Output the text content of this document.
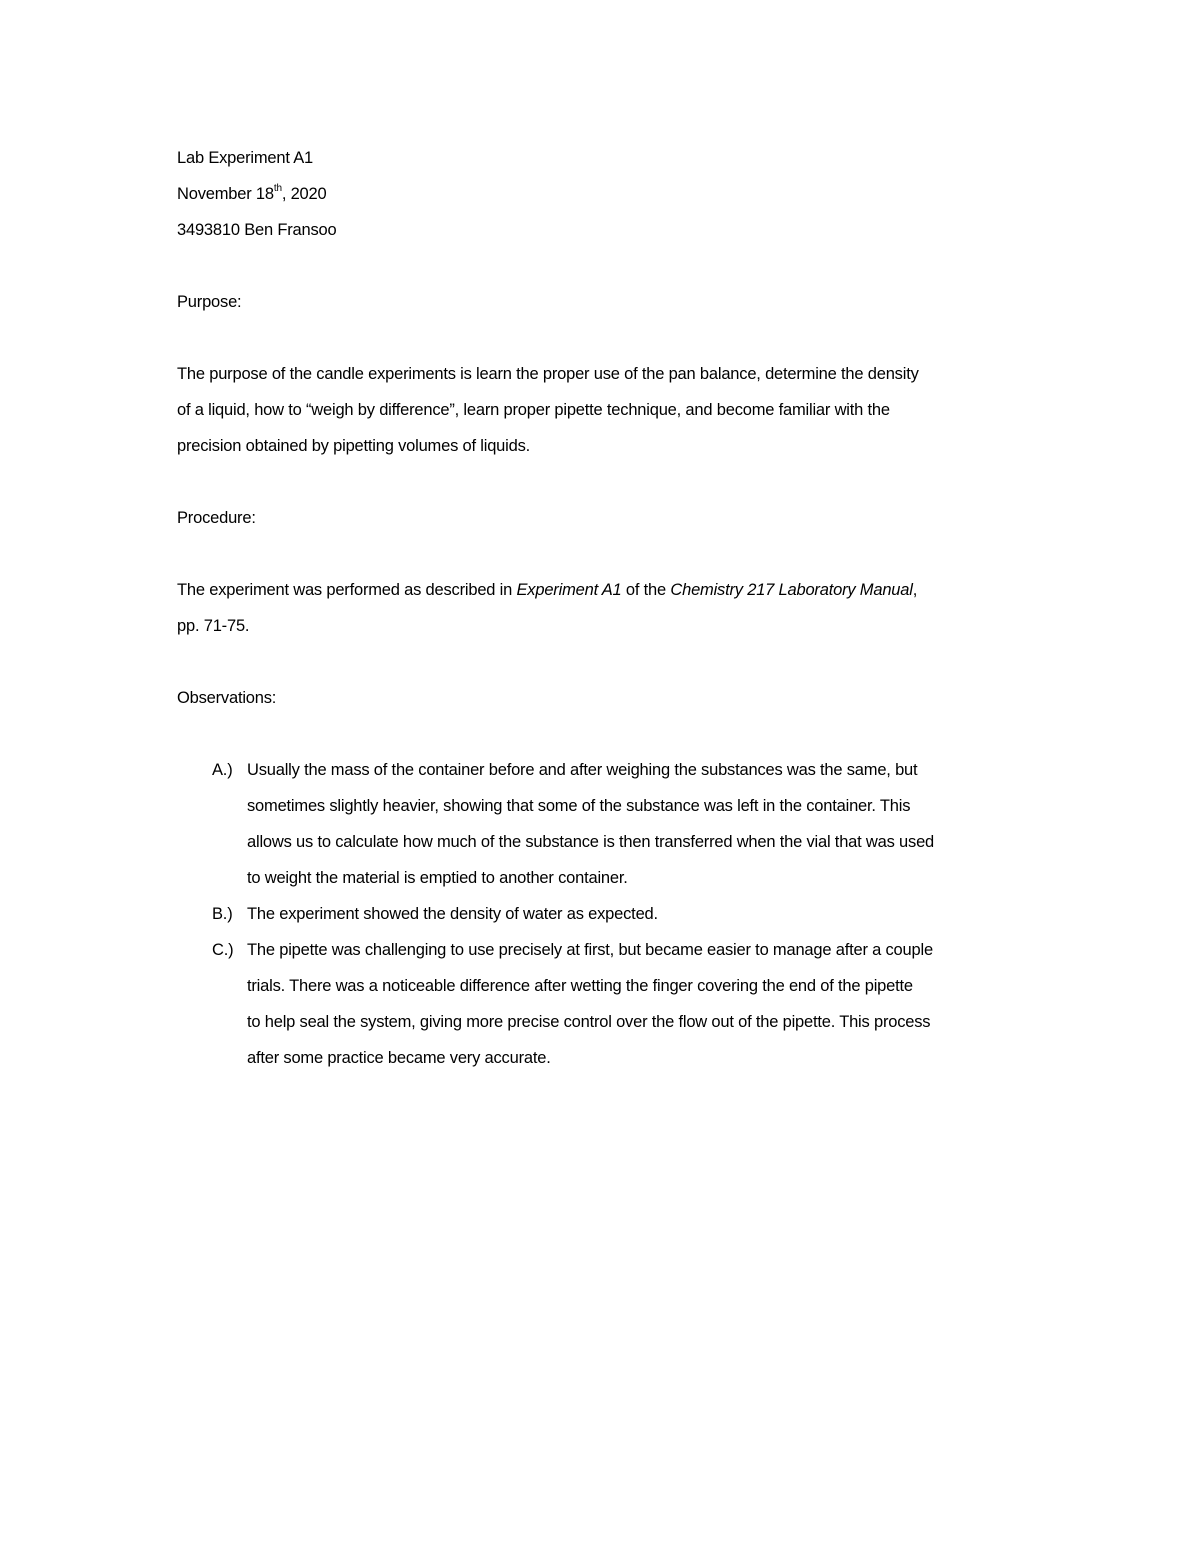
Lab Experiment A1
November 18th, 2020
3493810 Ben Fransoo
Purpose:
The purpose of the candle experiments is learn the proper use of the pan balance, determine the density
of a liquid, how to “weigh by difference”, learn proper pipette technique, and become familiar with the
precision obtained by pipetting volumes of liquids.
Procedure:
The experiment was performed as described in Experiment A1 of the Chemistry 217 Laboratory Manual,
pp. 71-75.
Observations:
A.) Usually the mass of the container before and after weighing the substances was the same, but
sometimes slightly heavier, showing that some of the substance was left in the container. This
allows us to calculate how much of the substance is then transferred when the vial that was used
to weight the material is emptied to another container.
B.) The experiment showed the density of water as expected.
C.) The pipette was challenging to use precisely at first, but became easier to manage after a couple
trials. There was a noticeable difference after wetting the finger covering the end of the pipette
to help seal the system, giving more precise control over the flow out of the pipette. This process
after some practice became very accurate.
